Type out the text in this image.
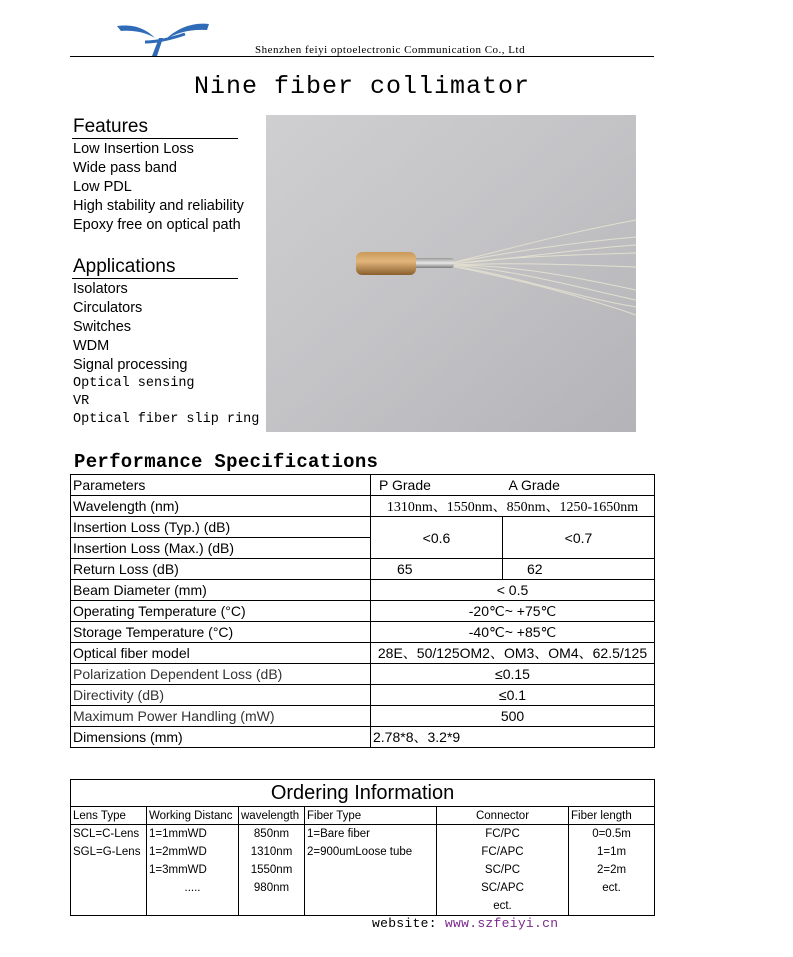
Shenzhen feiyi optoelectronic Communication Co., Ltd
Nine fiber collimator
Features
Low Insertion Loss
Wide pass band
Low PDL
High stability and reliability
Epoxy free on optical path
Applications
Isolators
Circulators
Switches
WDM
Signal processing
Optical sensing
VR
Optical fiber slip ring
Performance Specifications
Parameters	P Grade	A Grade
Wavelength (nm)	1310nm、1550nm、850nm、1250-1650nm	
Insertion Loss (Typ.) (dB)	<0.6	<0.7
Insertion Loss (Max.) (dB)		
Return Loss (dB)	65	62
Beam Diameter (mm)	< 0.5	
Operating Temperature (°C)	-20℃~ +75℃	
Storage Temperature (°C)	-40℃~ +85℃	
Optical fiber model	28E、50/125OM2、OM3、OM4、62.5/125	
Polarization Dependent Loss (dB)	≤0.15	
Directivity (dB)	≤0.1	
Maximum Power Handling (mW)	500	
Dimensions (mm)	2.78*8、3.2*9	
Ordering Information					
Lens Type	Working Distanc	wavelength	Fiber Type	Connector	Fiber length
SCL=C-Lens	1=1mmWD	850nm	1=Bare fiber	FC/PC	0=0.5m
SGL=G-Lens	1=2mmWD	1310nm	2=900umLoose tube	FC/APC	1=1m
	1=3mmWD	1550nm		SC/PC	2=2m
	.....	980nm		SC/APC	ect.
				ect.	
website: www.szfeiyi.cn
